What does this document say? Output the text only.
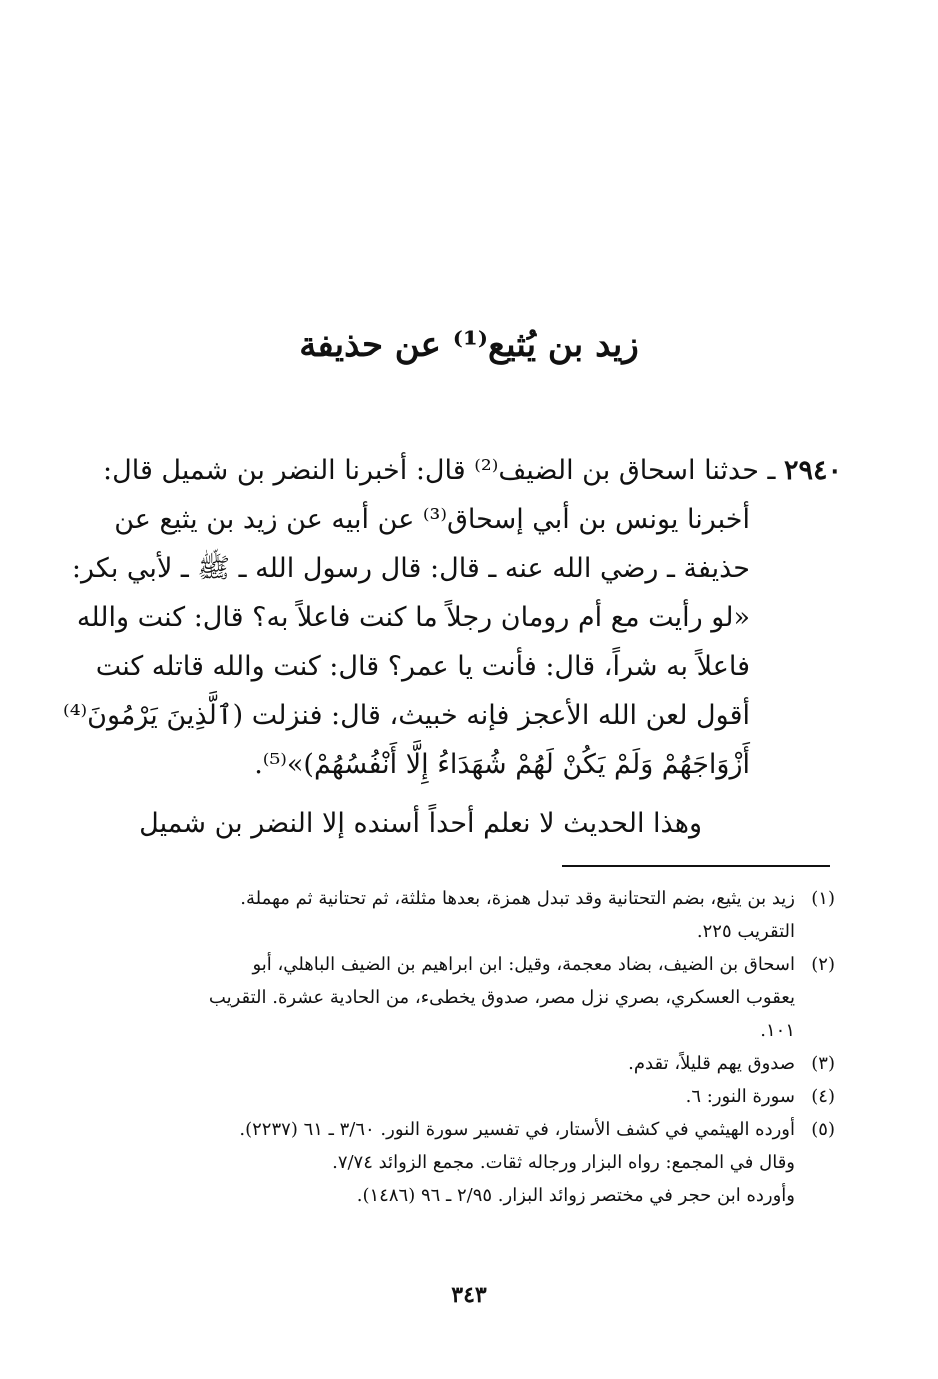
زيد بن يُثيع⁽¹⁾ عن حذيفة
٢٩٤٠ ـ حدثنا اسحاق بن الضيف⁽²⁾ قال: أخبرنا النضر بن شميل قال:
أخبرنا يونس بن أبي إسحاق⁽³⁾ عن أبيه عن زيد بن يثيع عن
حذيفة ـ رضي الله عنه ـ قال: قال رسول الله ـ ﷺ ـ لأبي بكر:
«لو رأيت مع أم رومان رجلاً ما كنت فاعلاً به؟ قال: كنت والله
فاعلاً به شراً، قال: فأنت يا عمر؟ قال: كنت والله قاتله كنت
أقول لعن الله الأعجز فإنه خبيث، قال: فنزلت (ٱلَّذِينَ يَرْمُونَ⁽⁴⁾
أَزْوَاجَهُمْ وَلَمْ يَكُنْ لَهُمْ شُهَدَاءُ إِلَّا أَنْفُسُهُمْ)»⁽⁵⁾.
وهذا الحديث لا نعلم أحداً أسنده إلا النضر بن شميل
(١)
زيد بن يثيع، بضم التحتانية وقد تبدل همزة، بعدها مثلثة، ثم تحتانية ثم مهملة.
التقريب ٢٢٥.
(٢)
اسحاق بن الضيف، بضاد معجمة، وقيل: ابن ابراهيم بن الضيف الباهلي، أبو
يعقوب العسكري، بصري نزل مصر، صدوق يخطىء، من الحادية عشرة. التقريب
١٠١.
(٣)
صدوق يهم قليلاً، تقدم.
(٤)
سورة النور: ٦.
(٥)
أورده الهيثمي في كشف الأستار، في تفسير سورة النور. ٣/٦٠ ـ ٦١ (٢٢٣٧).
وقال في المجمع: رواه البزار ورجاله ثقات. مجمع الزوائد ٧/٧٤.
وأورده ابن حجر في مختصر زوائد البزار. ٢/٩٥ ـ ٩٦ (١٤٨٦).
٣٤٣
